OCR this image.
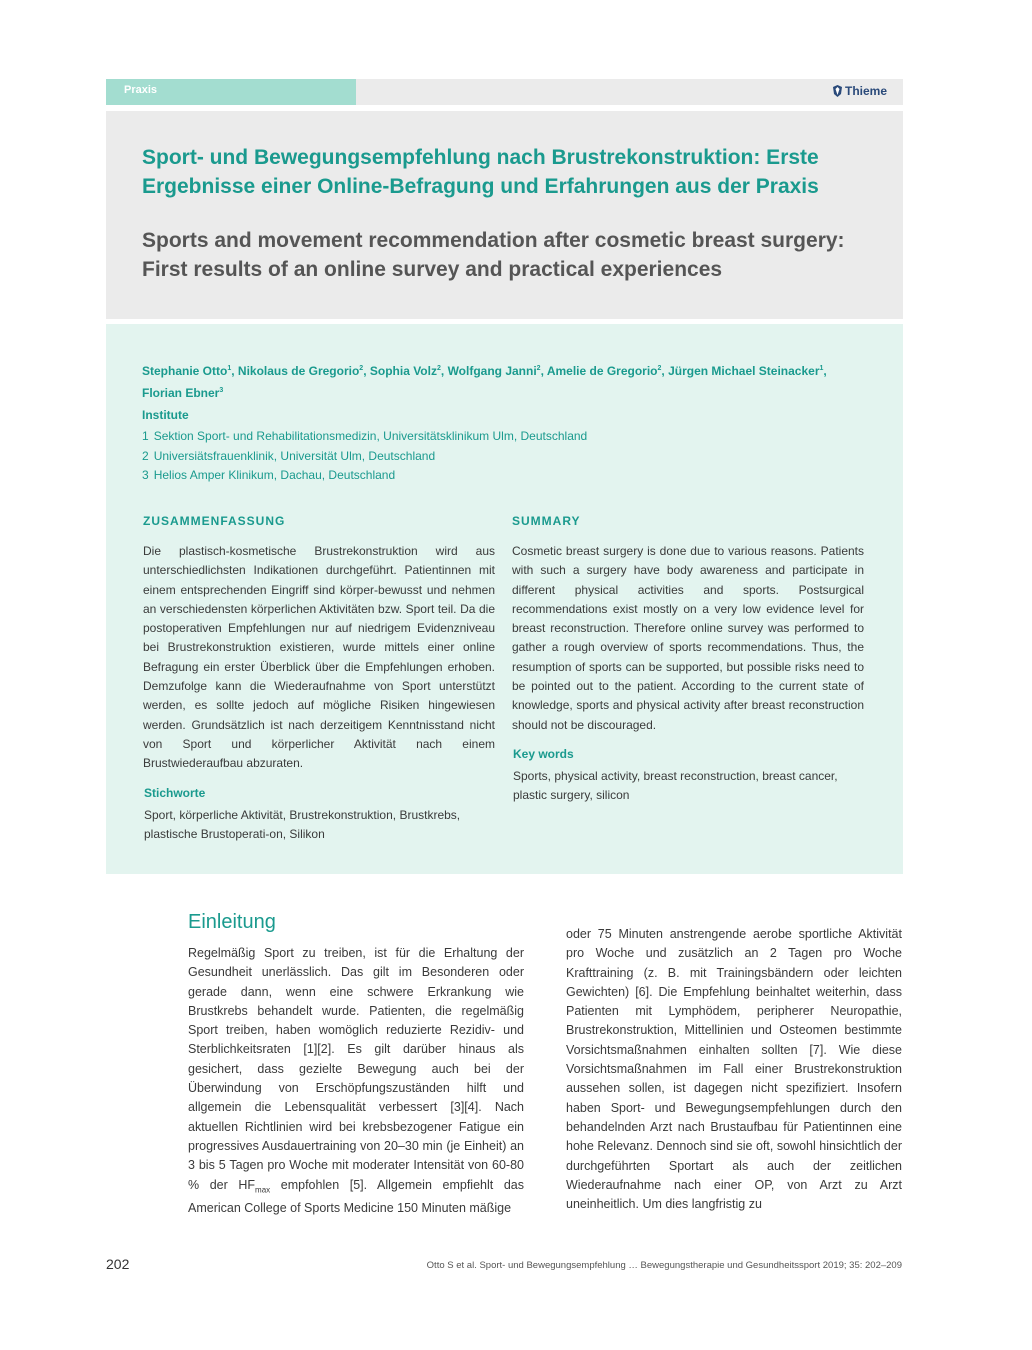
Praxis	Thieme
Sport- und Bewegungsempfehlung nach Brustrekonstruktion: Erste Ergebnisse einer Online-Befragung und Erfahrungen aus der Praxis
Sports and movement recommendation after cosmetic breast surgery: First results of an online survey and practical experiences
Stephanie Otto$^1$, Nikolaus de Gregorio$^2$, Sophia Volz$^2$, Wolfgang Janni$^2$, Amelie de Gregorio$^2$, Jürgen Michael Steinacker$^1$,
Florian Ebner$^3$
Institute
1 Sektion Sport- und Rehabilitationsmedizin, Universitätsklinikum Ulm, Deutschland
2 Universiätsfrauenklinik, Universität Ulm, Deutschland
3 Helios Amper Klinikum, Dachau, Deutschland
ZUSAMMENFASSUNG

Die plastisch-kosmetische Brustrekonstruktion wird aus unterschiedlichsten Indikationen durchgeführt. Patientinnen mit einem entsprechenden Eingriff sind körper-bewusst und nehmen an verschiedensten körperlichen Aktivitäten bzw. Sport teil. Da die postoperativen Empfehlungen nur auf niedrigem Evidenzniveau bei Brustrekonstruktion existieren, wurde mittels einer online Befragung ein erster Überblick über die Empfehlungen erhoben. Demzufolge kann die Wiederaufnahme von Sport unterstützt werden, es sollte jedoch auf mögliche Risiken hingewiesen werden. Grundsätzlich ist nach derzeitigem Kenntnisstand nicht von Sport und körperlicher Aktivität nach einem Brustwiederaufbau abzuraten.

Stichworte

Sport, körperliche Aktivität, Brustrekonstruktion, Brustkrebs, plastische Brustoperati-on, Silikon

SUMMARY

Cosmetic breast surgery is done due to various reasons. Patients with such a surgery have body awareness and participate in different physical activities and sports. Postsurgical recommendations exist mostly on a very low evidence level for breast reconstruction. Therefore online survey was performed to gather a rough overview of sports recommendations. Thus, the resumption of sports can be supported, but possible risks need to be pointed out to the patient. According to the current state of knowledge, sports and physical activity after breast reconstruction should not be discouraged.

Key words

Sports, physical activity, breast reconstruction, breast cancer, plastic surgery, silicon

Einleitung

Regelmäßig Sport zu treiben, ist für die Erhaltung der Gesundheit unerlässlich. Das gilt im Besonderen oder gerade dann, wenn eine schwere Erkrankung wie Brustkrebs behandelt wurde. Patienten, die regelmäßig Sport treiben, haben womöglich reduzierte Rezidiv- und Sterblichkeitsraten [1][2]. Es gilt darüber hinaus als gesichert, dass gezielte Bewegung auch bei der Überwindung von Erschöpfungszuständen hilft und allgemein die Lebensqualität verbessert [3][4]. Nach aktuellen Richtlinien wird bei krebsbezogener Fatigue ein progressives Ausdauertraining von 20–30 min (je Einheit) an 3 bis 5 Tagen pro Woche mit moderater Intensität von 60-80 % der $HF_{max}$ empfohlen [5]. Allgemein empfiehlt das American College of Sports Medicine 150 Minuten mäßige

oder 75 Minuten anstrengende aerobe sportliche Aktivität pro Woche und zusätzlich an 2 Tagen pro Woche Krafttraining (z. B. mit Trainingsbändern oder leichten Gewichten) [6]. Die Empfehlung beinhaltet weiterhin, dass Patienten mit Lymphödem, peripherer Neuropathie, Brustrekonstruktion, Mittellinien und Osteomen bestimmte Vorsichtsmaßnahmen einhalten sollten [7]. Wie diese Vorsichtsmaßnahmen im Fall einer Brustrekonstruktion aussehen sollen, ist dagegen nicht spezifiziert. Insofern haben Sport- und Bewegungsempfehlungen durch den behandelnden Arzt nach Brustaufbau für Patientinnen eine hohe Relevanz. Dennoch sind sie oft, sowohl hinsichtlich der durchgeführten Sportart als auch der zeitlichen Wiederaufnahme nach einer OP, von Arzt zu Arzt uneinheitlich. Um dies langfristig zu

202	Otto S et al. Sport- und Bewegungsempfehlung … Bewegungstherapie und Gesundheitssport 2019; 35: 202–209
